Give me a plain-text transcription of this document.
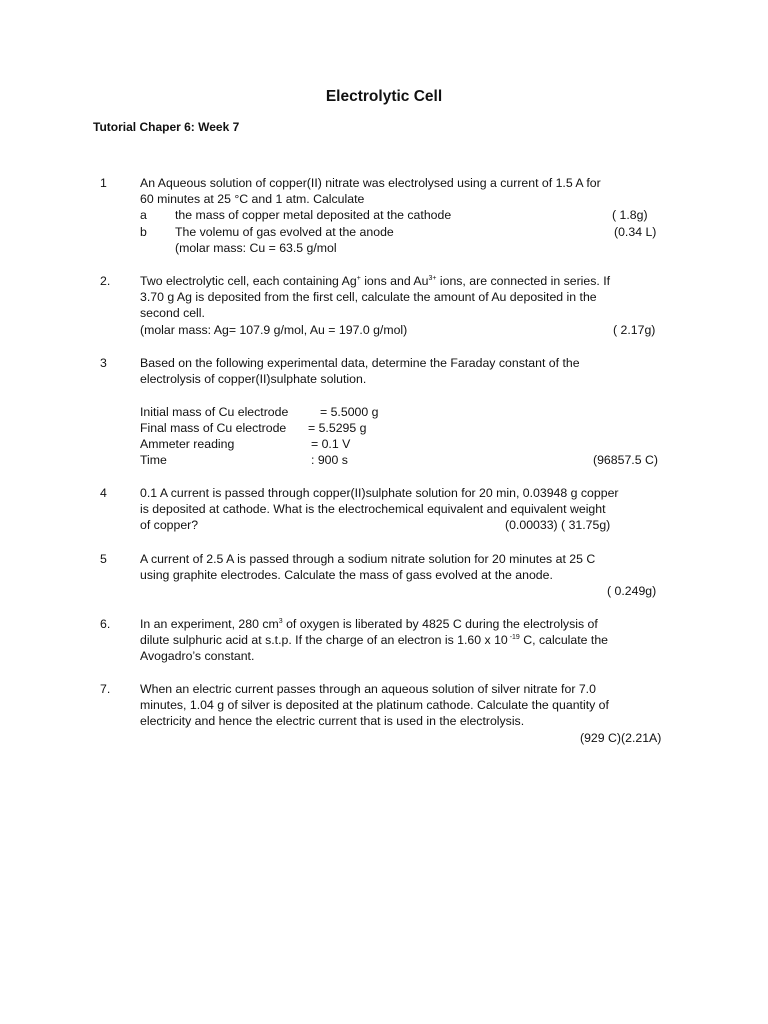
Electrolytic Cell
Tutorial Chaper 6: Week 7
1	An Aqueous solution of copper(II) nitrate was electrolysed using a current of 1.5 A for
60 minutes at 25 °C and 1 atm. Calculate
a the mass of copper metal deposited at the cathode	( 1.8g)
b The volemu of gas evolved at the anode	(0.34 L)
(molar mass: Cu = 63.5 g/mol
2. Two electrolytic cell, each containing Ag+ ions and $Au^{3+}$ ions, are connected in series. If
3.70 g Ag is deposited from the first cell, calculate the amount of Au deposited in the
second cell.
(molar mass: Ag= 107.9 g/mol, Au = 197.0 g/mol)	( 2.17g)
3	Based on the following experimental data, determine the Faraday constant of the
electrolysis of copper(II)sulphate solution.
Initial mass of Cu electrode	= 5.5000 g
Final mass of Cu electrode = 5.5295 g
Ammeter reading	= 0.1 V
Time	: 900 s	(96857.5 C)
4	0.1 A current is passed through copper(II)sulphate solution for 20 min, 0.03948 g copper
is deposited at cathode. What is the electrochemical equivalent and equivalent weight
of copper?	(0.00033) ( 31.75g)
5	A current of 2.5 A is passed through a sodium nitrate solution for 20 minutes at 25 C
using graphite electrodes. Calculate the mass of gass evolved at the anode.
( 0.249g)
6. In an experiment, 280 $cm^3$ of oxygen is liberated by 4825 C during the electrolysis of
dilute sulphuric acid at s.t.p. If the charge of an electron is 1.60 x 10 $^{-19}$ C, calculate the
Avogadro’s constant.
7. When an electric current passes through an aqueous solution of silver nitrate for 7.0
minutes, 1.04 g of silver is deposited at the platinum cathode. Calculate the quantity of
electricity and hence the electric current that is used in the electrolysis.
(929 C)(2.21A)
